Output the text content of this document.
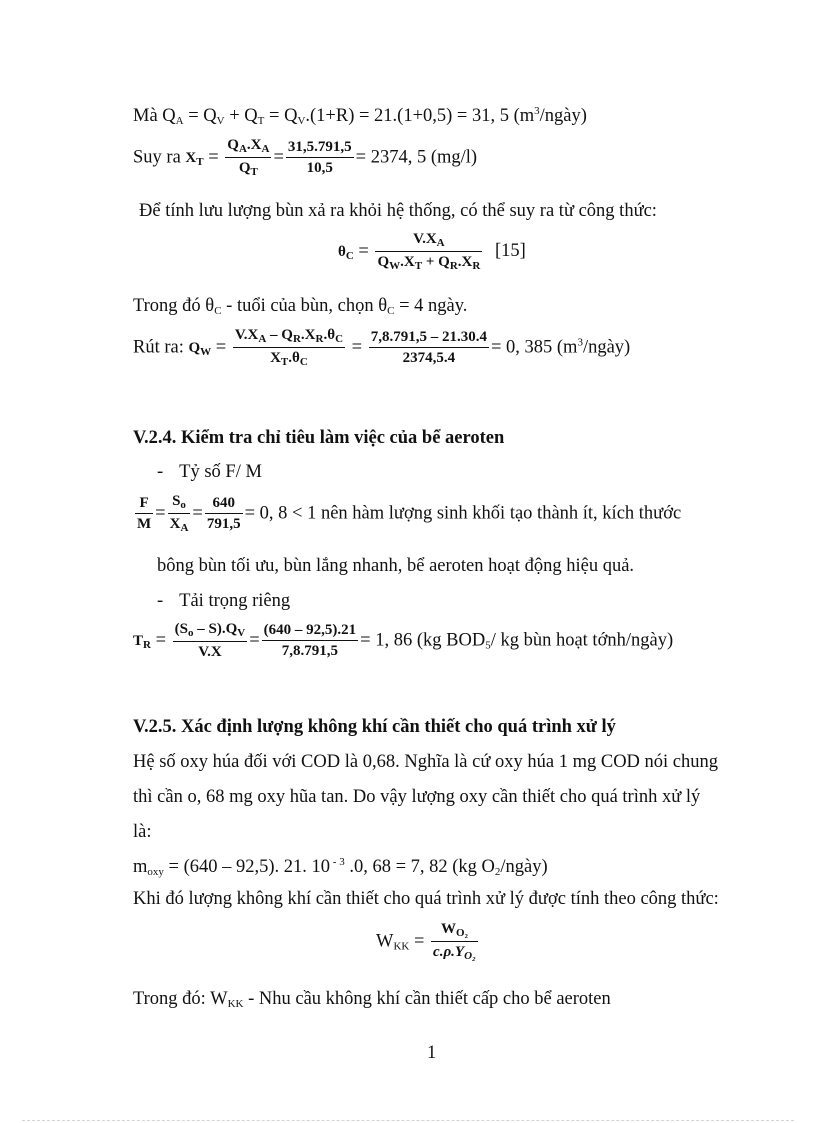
Mà $Q_A = Q_V + Q_T = Q_V.(1+R) = 21.(1+0,5) = 31$, 5 $(m^3/ngày)$
Suy ra $X_T = \frac{Q_A.X_A}{Q_T} = \frac{31,5.791,5}{10,5} = 2374$, 5 (mg/l)
Để tính lưu lượng bùn xả ra khỏi hệ thống, có thể suy ra từ công thức:
$\theta_C = \frac{V.X_A}{Q_W.X_T + Q_R.X_R} [15]$
Trong đó $\theta_C$ - tuổi của bùn, chọn $\theta_C = 4$ ngày.
Rút ra: $Q_W = \frac{V.X_A - Q_R.X_R.\theta_C}{X_T.\theta_C} = \frac{7,8.791,5 - 21.30.4}{2374,5.4} = 0$, 385 $(m^3/ngày)$
V.2.4. Kiểm tra chỉ tiêu làm việc của bể aeroten
- Tỷ số F/ M
$\frac{F}{M} = \frac{S_o}{X_A} = \frac{640}{791,5} = 0$, 8 < 1 nên hàm lượng sinh khối tạo thành ít, kích thước
bông bùn tối ưu, bùn lắng nhanh, bể aeroten hoạt động hiệu quả.
- Tải trọng riêng
$T_R = \frac{(S_o - S).Q_V}{V.X} = \frac{(640 - 92,5).21}{7,8.791,5} = 1$, 86 (kg $BOD_5/$ kg bùn hoạt tớnh/ngày)
V.2.5. Xác định lượng không khí cần thiết cho quá trình xử lý
Hệ số oxy húa đối với COD là 0,68. Nghĩa là cứ oxy húa 1 mg COD nói chung
thì cần o, 68 mg oxy hũa tan. Do vậy lượng oxy cần thiết cho quá trình xử lý
là:
$m_{oxy} = (640 - 92,5)$. 21. 10 $^{- 3}$ .0, 68 = 7, 82 (kg $O_2/ngày$)
Khi đó lượng không khí cần thiết cho quá trình xử lý được tính theo công thức:
$W_{KK} = \frac{W_{O_2}}{c.\rho.Y_{O_2}}$
Trong đó: $W_{KK}$ - Nhu cầu không khí cần thiết cấp cho bể aeroten
1
